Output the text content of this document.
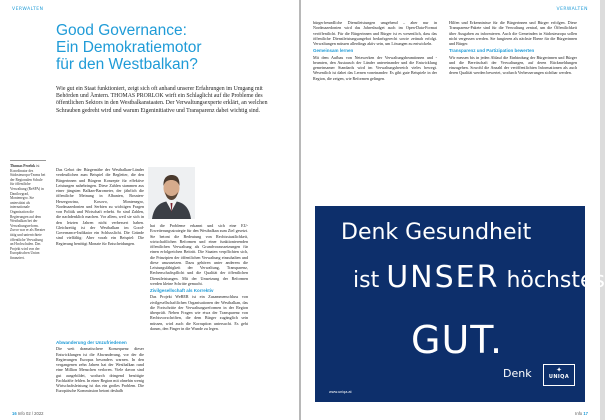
VERWALTEN
Good Governance:
Ein Demokratiemotor
für den Westbalkan?
Wie gut ein Staat funktioniert, zeigt sich oft anhand unserer Erfahrungen im Umgang mit Behörden und Ämtern. THOMAS PRORLOK wirft ein Schlaglicht auf die Probleme des öffentlichen Sektors in den Westbalkanstaaten. Der Verwaltungsexperte erklärt, an welchen Schrauben gedreht wird und warum Eigeninitiative und Transparenz dabei wichtig sind.
Thomas Prorlok ist Koordinator des Südosteuropa-Teams bei der Regionalen Schule für öffentliche Verwaltung (ReSPA) in Danilovgrad, Montenegro. Sie unterstützt als internationale Organisation die Regierungen auf dem Westbalkan bei der Verwaltungsreform. Zuvor war er als Berater tätig und unterrichtete öffentliche Verwaltung an Hochschulen. Das Projekt wird von der Europäischen Union finanziert.

Das Gebot der Bürgernähe der Westbalkan-Länder verdeutlichen zum Beispiel die Begleiter, die den Bürgerinnen und Bürgern Konzepte für effektive Leistungen nahebringen. Diese Zahlen stammen aus einer jüngsten Balkan-Barometer, der jährlich die öffentliche Meinung in Albanien, Bosnien-Herzegowina, Kosovo, Montenegro, Nordmazedonien und Serbien zu wichtigen Fragen von Politik und Wirtschaft erhebt. So sind Zahlen, die nachdenklich machen. Vor allem, weil sie sich in den letzten Jahren nicht verbessert haben. Gleichzeitig ist der Westbalkan im Good-Governance-Indikator ein Schlusslicht. Die Gründe sind vielfältig: Aber vorab ein Beispiel: Die Regierung benötigt Monate für Entscheidungen.

Abwanderung der Unzufriedenen

Die weit dramatischere Konsequenz dieser Entwicklungen ist die Abwanderung, vor der die Regierungen Europas besonders warnen. In den vergangenen zehn Jahren hat der Westbalkan rund eine Million Menschen verloren. Viele davon sind gut ausgebildet, wodurch dringend benötigte Fachkräfte fehlen. In einer Region mit ohnehin wenig Wirtschaftsleistung ist das ein großes Problem. Die Europäische Kommission betont deshalb

hat die Probleme erkannt und sich eine EU-Erweiterungsstrategie für den Westbalkan zum Ziel gesetzt. Sie betont die Bedeutung von Rechtsstaatlichkeit, wirtschaftlichen Reformen und einer funktionierenden öffentlichen Verwaltung als Grundvoraussetzungen für einen erfolgreichen Beitritt. Die Staaten verpflichten sich, die Prinzipien der öffentlichen Verwaltung einzuhalten und diese umzusetzen. Dazu gehören unter anderem die Leistungsfähigkeit der Verwaltung, Transparenz, Rechenschaftspflicht und die Qualität der öffentlichen Dienstleistungen. Mit der Umsetzung der Reformen werden kleine Schritte gemacht.

Zivilgesellschaft als Korrektiv

Das Projekt WeBER ist ein Zusammenschluss von zivilgesellschaftlichen Organisationen der Westbalkan, das die Fortschritte der Verwaltungsreformen in der Region überprüft. Neben Fragen wie etwa der Transparenz von Rechtsvorschriften, die dem Bürger zugänglich sein müssen, wird auch die Korruption untersucht. Es geht darum, den Finger in die Wunde zu legen.

16 Info 02 / 2022
VERWALTEN

bürgerfreundliche Dienstleistungen umgehend – aber nur in Nordmazedonien wird das Jahresbudget auch im Open-Data-Format veröffentlicht. Für die Bürgerinnen und Bürger ist es wesentlich, dass das öffentliche Dienstleistungsangebot bedarfsgerecht sowie zeitnah erfolgt. Verwaltungen müssen allerdings aktiv sein, um Lösungen zu entwickeln.

Gemeinsam lernen

Mit dem Aufbau von Netzwerken der Verwaltungsbeamtinnen und -beamten, den Austausch der Länder untereinander und die Entwicklung gemeinsamer Standards wird im Verwaltungsbereich vieles bewegt. Wesentlich ist dabei das Lernen voneinander: Es gibt gute Beispiele in der Region, die zeigen, wie Reformen gelingen.

Hilfen und Erkenntnisse für die Bürgerinnen und Bürger erfolgen. Diese Transparenz-Pakete sind für die Verwaltung zentral, um die Öffentlichkeit über Ausgaben zu informieren. Auch die Gemeinden in Südosteuropa sollen nicht vergessen werden. Sie fungieren als nächste Ebene für die Bürgerinnen und Bürger.

Transparenz und Partizipation bewerten

Wir messen bis in jeden Ablauf die Einbindung der Bürgerinnen und Bürger und die Bereitschaft der Verwaltungen, auf deren Rückmeldungen einzugehen. Sowohl die Anzahl der veröffentlichten Informationen als auch deren Qualität werden bewertet, wodurch Verbesserungen sichtbar werden.

Denk Gesundheit
ist UNSER höchstes
GUT.
Denk	✦
UNIQA
www.uniqa.at
Info 17
